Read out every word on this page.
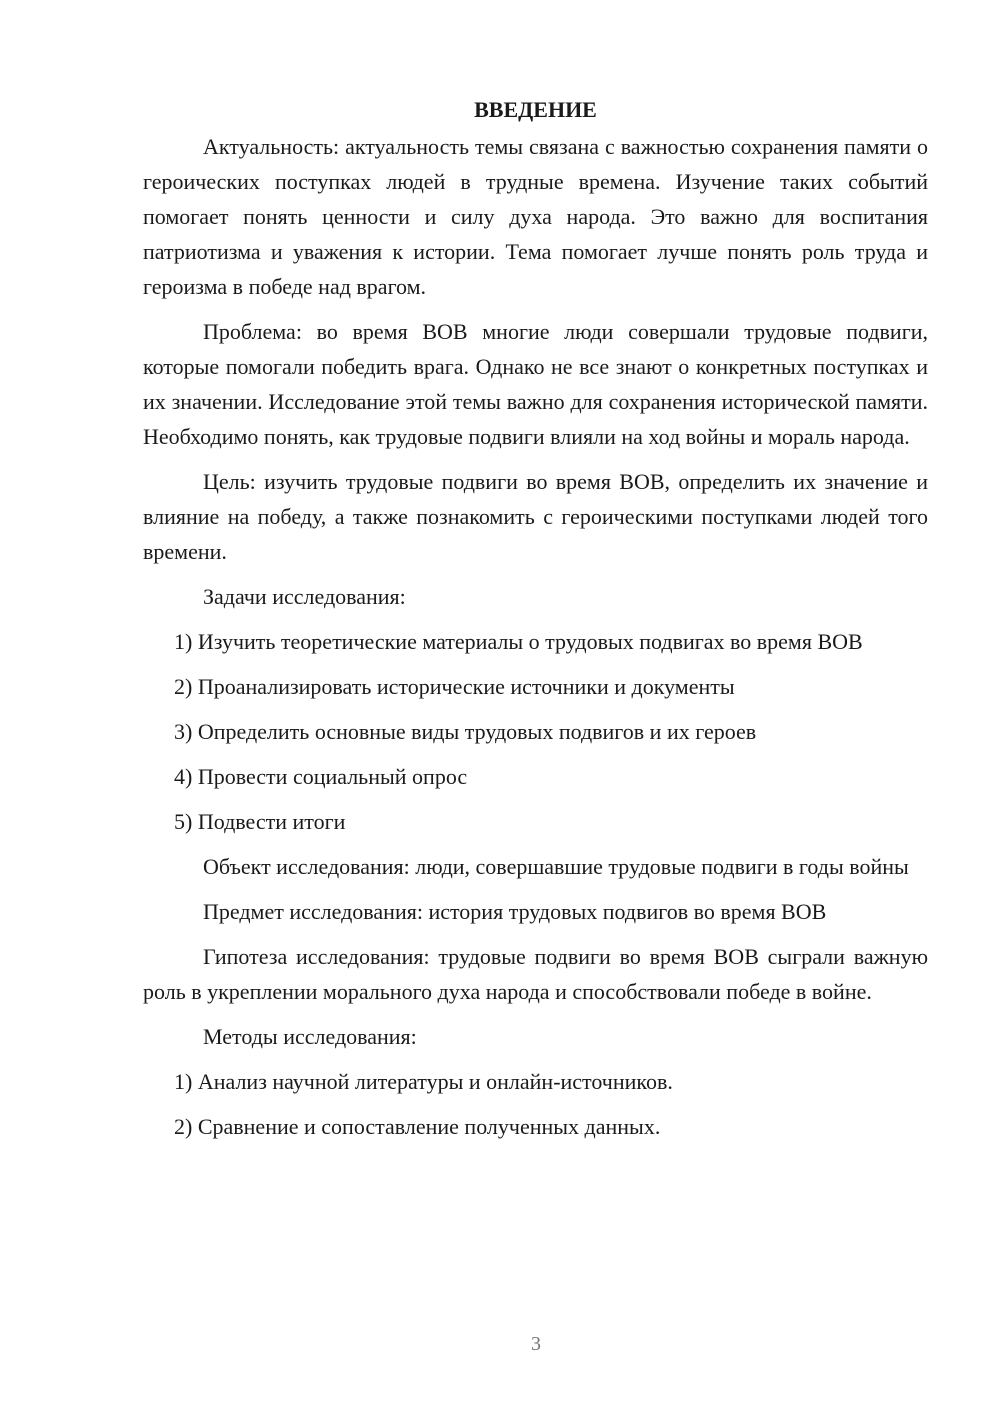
ВВЕДЕНИЕ

Актуальность: актуальность темы связана с важностью сохранения памяти о героических поступках людей в трудные времена. Изучение таких событий помогает понять ценности и силу духа народа. Это важно для воспитания патриотизма и уважения к истории. Тема помогает лучше понять роль труда и героизма в победе над врагом.

Проблема: во время ВОВ многие люди совершали трудовые подвиги, которые помогали победить врага. Однако не все знают о конкретных поступках и их значении. Исследование этой темы важно для сохранения исторической памяти. Необходимо понять, как трудовые подвиги влияли на ход войны и мораль народа.

Цель: изучить трудовые подвиги во время ВОВ, определить их значение и влияние на победу, а также познакомить с героическими поступками людей того времени.

Задачи исследования:

1) Изучить теоретические материалы о трудовых подвигах во время ВОВ

2) Проанализировать исторические источники и документы

3) Определить основные виды трудовых подвигов и их героев

4) Провести социальный опрос

5) Подвести итоги

Объект исследования: люди, совершавшие трудовые подвиги в годы войны

Предмет исследования: история трудовых подвигов во время ВОВ

Гипотеза исследования: трудовые подвиги во время ВОВ сыграли важную роль в укреплении морального духа народа и способствовали победе в войне.

Методы исследования:

1) Анализ научной литературы и онлайн-источников.

2) Сравнение и сопоставление полученных данных.

3
